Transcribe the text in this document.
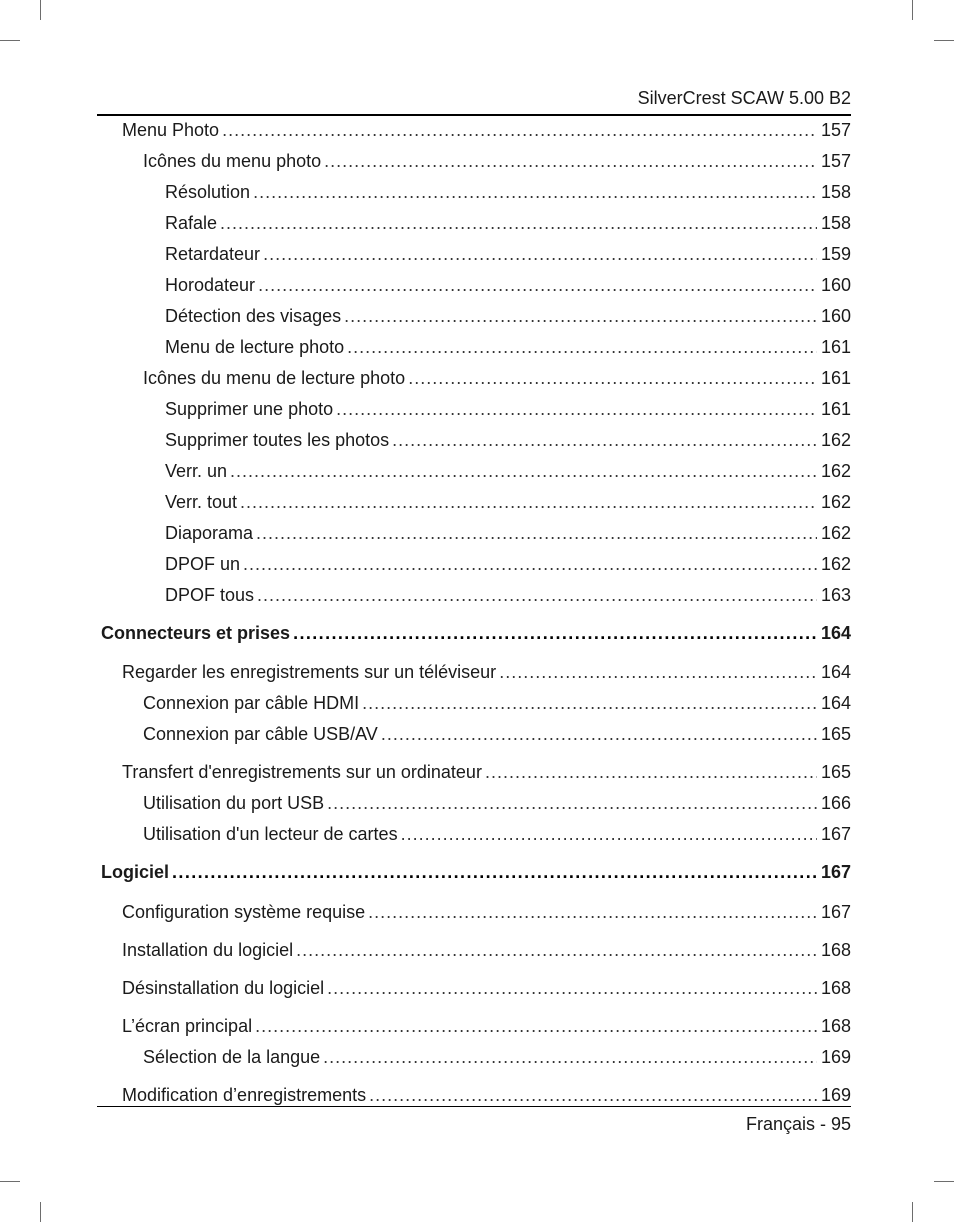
SilverCrest SCAW 5.00 B2
Menu Photo .....	157
Icônes du menu photo .....	157
Résolution .....	158
Rafale .....	158
Retardateur .....	159
Horodateur .....	160
Détection des visages .....	160
Menu de lecture photo .....	161
Icônes du menu de lecture photo .....	161
Supprimer une photo .....	161
Supprimer toutes les photos .....	162
Verr. un .....	162
Verr. tout .....	162
Diaporama .....	162
DPOF un .....	162
DPOF tous .....	163
Connecteurs et prises .....	164
Regarder les enregistrements sur un téléviseur .....	164
Connexion par câble HDMI .....	164
Connexion par câble USB/AV .....	165
Transfert d'enregistrements sur un ordinateur .....	165
Utilisation du port USB .....	166
Utilisation d'un lecteur de cartes .....	167
Logiciel .....	167
Configuration système requise .....	167
Installation du logiciel .....	168
Désinstallation du logiciel .....	168
L’écran principal .....	168
Sélection de la langue .....	169
Modification d’enregistrements .....	169
Français - 95
